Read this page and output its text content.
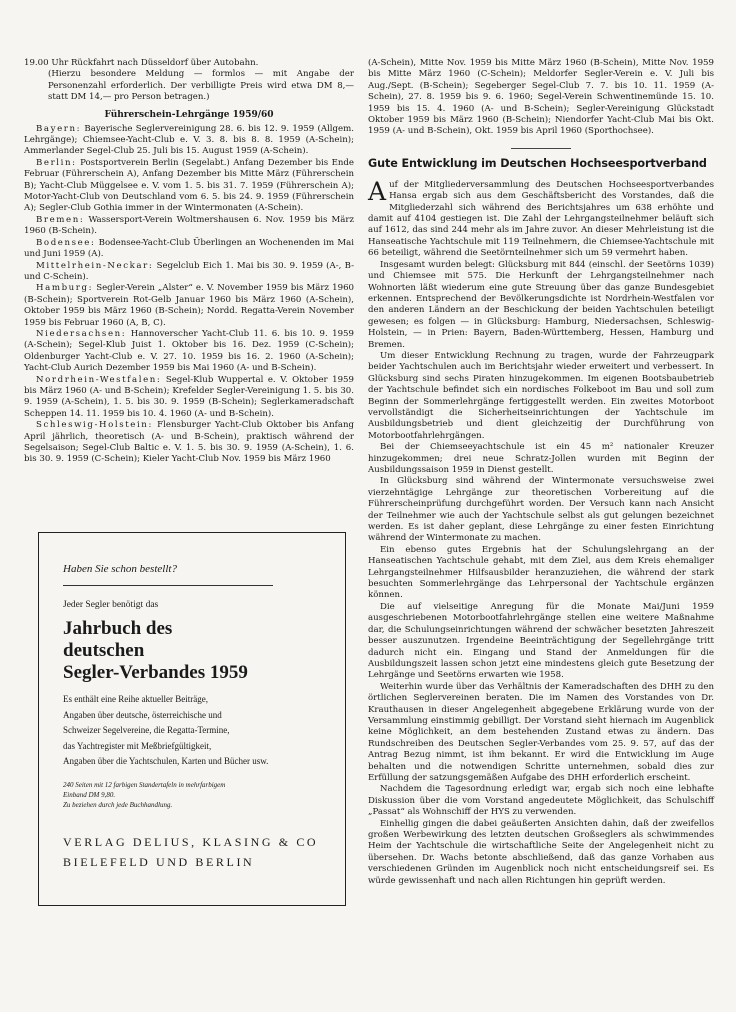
19.00 Uhr Rückfahrt nach Düsseldorf über Autobahn.

(Hierzu besondere Meldung — formlos — mit Angabe der Personenzahl erforderlich. Der verbilligte Preis wird etwa DM 8,— statt DM 14,— pro Person betragen.)

Führerschein-Lehrgänge 1959/60

Bayern: Bayerische Seglervereinigung 28. 6. bis 12. 9. 1959 (Allgem. Lehrgänge); Chiemsee-Yacht-Club e. V. 3. 8. bis 8. 8. 1959 (A-Schein); Ammerlander Segel-Club 25. Juli bis 15. August 1959 (A-Schein).

Berlin: Postsportverein Berlin (Segelabt.) Anfang Dezember bis Ende Februar (Führerschein A), Anfang Dezember bis Mitte März (Führerschein B); Yacht-Club Müggelsee e. V. vom 1. 5. bis 31. 7. 1959 (Führerschein A); Motor-Yacht-Club von Deutschland vom 6. 5. bis 24. 9. 1959 (Führerschein A); Segler-Club Gothia immer in der Wintermonaten (A-Schein).

Bremen: Wassersport-Verein Woltmershausen 6. Nov. 1959 bis März 1960 (B-Schein).

Bodensee: Bodensee-Yacht-Club Überlingen an Wochenenden im Mai und Juni 1959 (A).

Mittelrhein-Neckar: Segelclub Eich 1. Mai bis 30. 9. 1959 (A-, B- und C-Schein).

Hamburg: Segler-Verein „Alster“ e. V. November 1959 bis März 1960 (B-Schein); Sportverein Rot-Gelb Januar 1960 bis März 1960 (A-Schein), Oktober 1959 bis März 1960 (B-Schein); Nordd. Regatta-Verein November 1959 bis Februar 1960 (A, B, C).

Niedersachsen: Hannoverscher Yacht-Club 11. 6. bis 10. 9. 1959 (A-Schein); Segel-Klub Juist 1. Oktober bis 16. Dez. 1959 (C-Schein); Oldenburger Yacht-Club e. V. 27. 10. 1959 bis 16. 2. 1960 (A-Schein); Yacht-Club Aurich Dezember 1959 bis Mai 1960 (A- und B-Schein).

Nordrhein-Westfalen: Segel-Klub Wuppertal e. V. Oktober 1959 bis März 1960 (A- und B-Schein); Krefelder Segler-Vereinigung 1. 5. bis 30. 9. 1959 (A-Schein), 1. 5. bis 30. 9. 1959 (B-Schein); Seglerkameradschaft Scheppen 14. 11. 1959 bis 10. 4. 1960 (A- und B-Schein).

Schleswig-Holstein: Flensburger Yacht-Club Oktober bis Anfang April jährlich, theoretisch (A- und B-Schein), praktisch während der Segelsaison; Segel-Club Baltic e. V. 1. 5. bis 30. 9. 1959 (A-Schein), 1. 6. bis 30. 9. 1959 (C-Schein); Kieler Yacht-Club Nov. 1959 bis März 1960

Haben Sie schon bestellt?

Jeder Segler benötigt das

Jahrbuch des
deutschen
Segler-Verbandes 1959

Es enthält eine Reihe aktueller Beiträge,

Angaben über deutsche, österreichische und

Schweizer Segelvereine, die Regatta-Termine,

das Yachtregister mit Meßbriefgültigkeit,

Angaben über die Yachtschulen, Karten und Bücher usw.

240 Seiten mit 12 farbigen Standertafeln in mehrfarbigem
Einband DM 9,80.
Zu beziehen durch jede Buchhandlung.
VERLAG DELIUS, KLASING & CO
BIELEFELD UND BERLIN

(A-Schein), Mitte Nov. 1959 bis Mitte März 1960 (B-Schein), Mitte Nov. 1959 bis Mitte März 1960 (C-Schein); Meldorfer Segler-Verein e. V. Juli bis Aug./Sept. (B-Schein); Segeberger Segel-Club 7. 7. bis 10. 11. 1959 (A-Schein), 27. 8. 1959 bis 9. 6. 1960; Segel-Verein Schwentinemünde 15. 10. 1959 bis 15. 4. 1960 (A- und B-Schein); Segler-Vereinigung Glückstadt Oktober 1959 bis März 1960 (B-Schein); Niendorfer Yacht-Club Mai bis Okt. 1959 (A- und B-Schein), Okt. 1959 bis April 1960 (Sporthochsee).

Gute Entwicklung im Deutschen Hochseesportverband

Auf der Mitgliederversammlung des Deutschen Hochseesportverbandes Hansa ergab sich aus dem Geschäftsbericht des Vorstandes, daß die Mitgliederzahl sich während des Berichtsjahres um 638 erhöhte und damit auf 4104 gestiegen ist. Die Zahl der Lehrgangsteilnehmer beläuft sich auf 1612, das sind 244 mehr als im Jahre zuvor. An dieser Mehrleistung ist die Hanseatische Yachtschule mit 119 Teilnehmern, die Chiemsee-Yachtschule mit 66 beteiligt, während die Seetörnteilnehmer sich um 59 vermehrt haben.

Insgesamt wurden belegt: Glücksburg mit 844 (einschl. der Seetörns 1039) und Chiemsee mit 575. Die Herkunft der Lehrgangsteilnehmer nach Wohnorten läßt wiederum eine gute Streuung über das ganze Bundesgebiet erkennen. Entsprechend der Bevölkerungsdichte ist Nordrhein-Westfalen vor den anderen Ländern an der Beschickung der beiden Yachtschulen beteiligt gewesen; es folgen — in Glücksburg: Hamburg, Niedersachsen, Schleswig-Holstein, — in Prien: Bayern, Baden-Württemberg, Hessen, Hamburg und Bremen.

Um dieser Entwicklung Rechnung zu tragen, wurde der Fahrzeugpark beider Yachtschulen auch im Berichtsjahr wieder erweitert und verbessert. In Glücksburg sind sechs Piraten hinzugekommen. Im eigenen Bootsbaubetrieb der Yachtschule befindet sich ein nordisches Folkeboot im Bau und soll zum Beginn der Sommerlehrgänge fertiggestellt werden. Ein zweites Motorboot vervollständigt die Sicherheitseinrichtungen der Yachtschule im Ausbildungsbetrieb und dient gleichzeitig der Durchführung von Motorbootfahrlehrgängen.

Bei der Chiemseeyachtschule ist ein 45 m² nationaler Kreuzer hinzugekommen; drei neue Schratz-Jollen wurden mit Beginn der Ausbildungssaison 1959 in Dienst gestellt.

In Glücksburg sind während der Wintermonate versuchsweise zwei vierzehntägige Lehrgänge zur theoretischen Vorbereitung auf die Führerscheinprüfung durchgeführt worden. Der Versuch kann nach Ansicht der Teilnehmer wie auch der Yachtschule selbst als gut gelungen bezeichnet werden. Es ist daher geplant, diese Lehrgänge zu einer festen Einrichtung während der Wintermonate zu machen.

Ein ebenso gutes Ergebnis hat der Schulungslehrgang an der Hanseatischen Yachtschule gehabt, mit dem Ziel, aus dem Kreis ehemaliger Lehrgangsteilnehmer Hilfsausbilder heranzuziehen, die während der stark besuchten Sommerlehrgänge das Lehrpersonal der Yachtschule ergänzen können.

Die auf vielseitige Anregung für die Monate Mai/Juni 1959 ausgeschriebenen Motorbootfahrlehrgänge stellen eine weitere Maßnahme dar, die Schulungseinrichtungen während der schwächer besetzten Jahreszeit besser auszunutzen. Irgendeine Beeinträchtigung der Segellehrgänge tritt dadurch nicht ein. Eingang und Stand der Anmeldungen für die Ausbildungszeit lassen schon jetzt eine mindestens gleich gute Besetzung der Lehrgänge und Seetörns erwarten wie 1958.

Weiterhin wurde über das Verhältnis der Kameradschaften des DHH zu den örtlichen Seglervereinen beraten. Die im Namen des Vorstandes von Dr. Krauthausen in dieser Angelegenheit abgegebene Erklärung wurde von der Versammlung einstimmig gebilligt. Der Vorstand sieht hiernach im Augenblick keine Möglichkeit, an dem bestehenden Zustand etwas zu ändern. Das Rundschreiben des Deutschen Segler-Verbandes vom 25. 9. 57, auf das der Antrag Bezug nimmt, ist ihm bekannt. Er wird die Entwicklung im Auge behalten und die notwendigen Schritte unternehmen, sobald dies zur Erfüllung der satzungsgemäßen Aufgabe des DHH erforderlich erscheint.

Nachdem die Tagesordnung erledigt war, ergab sich noch eine lebhafte Diskussion über die vom Vorstand angedeutete Möglichkeit, das Schulschiff „Passat“ als Wohnschiff der HYS zu verwenden.

Einhellig gingen die dabei geäußerten Ansichten dahin, daß der zweifellos großen Werbewirkung des letzten deutschen Großseglers als schwimmendes Heim der Yachtschule die wirtschaftliche Seite der Angelegenheit nicht zu übersehen. Dr. Wachs betonte abschließend, daß das ganze Vorhaben aus verschiedenen Gründen im Augenblick noch nicht entscheidungsreif sei. Es würde gewissenhaft und nach allen Richtungen hin geprüft werden.
